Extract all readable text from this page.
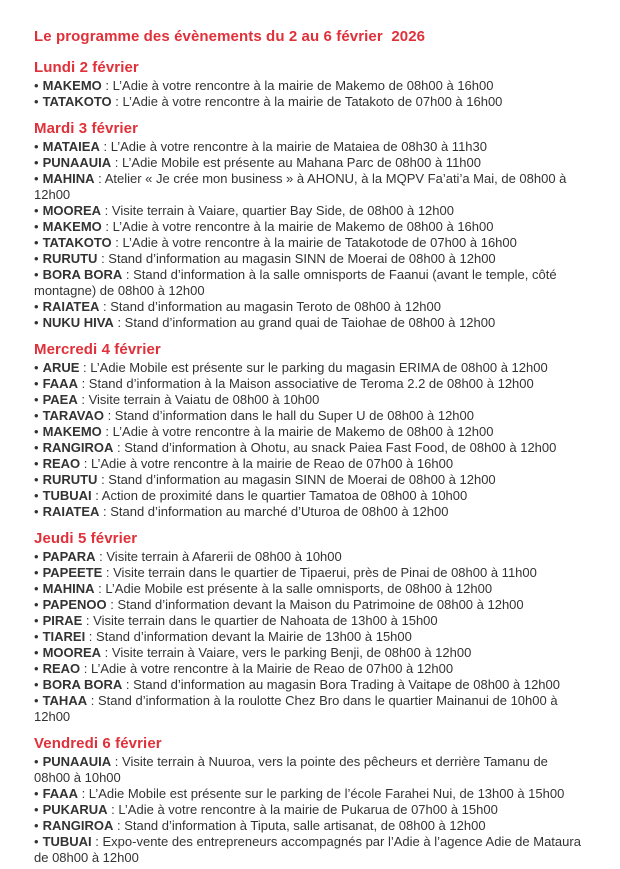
Le programme des évènements du 2 au 6 février  2026
Lundi 2 février

• MAKEMO : L’Adie à votre rencontre à la mairie de Makemo de 08h00 à 16h00

• TATAKOTO : L’Adie à votre rencontre à la mairie de Tatakoto de 07h00 à 16h00

Mardi 3 février

• MATAIEA : L’Adie à votre rencontre à la mairie de Mataiea de 08h30 à 11h30

• PUNAAUIA : L’Adie Mobile est présente au Mahana Parc de 08h00 à 11h00

• MAHINA : Atelier « Je crée mon business » à AHONU, à la MQPV Fa’ati’a Mai, de 08h00 à 12h00

• MOOREA : Visite terrain à Vaiare, quartier Bay Side, de 08h00 à 12h00

• MAKEMO : L’Adie à votre rencontre à la mairie de Makemo de 08h00 à 16h00

• TATAKOTO : L’Adie à votre rencontre à la mairie de Tatakotode de 07h00 à 16h00

• RURUTU : Stand d’information au magasin SINN de Moerai de 08h00 à 12h00

• BORA BORA : Stand d’information à la salle omnisports de Faanui (avant le temple, côté montagne) de 08h00 à 12h00

• RAIATEA : Stand d’information au magasin Teroto de 08h00 à 12h00

• NUKU HIVA : Stand d’information au grand quai de Taiohae de 08h00 à 12h00

Mercredi 4 février

• ARUE : L’Adie Mobile est présente sur le parking du magasin ERIMA de 08h00 à 12h00

• FAAA : Stand d’information à la Maison associative de Teroma 2.2 de 08h00 à 12h00

• PAEA : Visite terrain à Vaiatu de 08h00 à 10h00

• TARAVAO : Stand d’information dans le hall du Super U de 08h00 à 12h00

• MAKEMO : L’Adie à votre rencontre à la mairie de Makemo de 08h00 à 12h00

• RANGIROA : Stand d’information à Ohotu, au snack Paiea Fast Food, de 08h00 à 12h00

• REAO : L’Adie à votre rencontre à la mairie de Reao de 07h00 à 16h00

• RURUTU : Stand d’information au magasin SINN de Moerai de 08h00 à 12h00

• TUBUAI : Action de proximité dans le quartier Tamatoa de 08h00 à 10h00

• RAIATEA : Stand d’information au marché d’Uturoa de 08h00 à 12h00

Jeudi 5 février

• PAPARA : Visite terrain à Afarerii de 08h00 à 10h00

• PAPEETE : Visite terrain dans le quartier de Tipaerui, près de Pinai de 08h00 à 11h00

• MAHINA : L’Adie Mobile est présente à la salle omnisports, de 08h00 à 12h00

• PAPENOO : Stand d’information devant la Maison du Patrimoine de 08h00 à 12h00

• PIRAE : Visite terrain dans le quartier de Nahoata de 13h00 à 15h00

• TIAREI : Stand d’information devant la Mairie de 13h00 à 15h00

• MOOREA : Visite terrain à Vaiare, vers le parking Benji, de 08h00 à 12h00

• REAO : L’Adie à votre rencontre à la Mairie de Reao de 07h00 à 12h00

• BORA BORA : Stand d’information au magasin Bora Trading à Vaitape de 08h00 à 12h00

• TAHAA : Stand d’information à la roulotte Chez Bro dans le quartier Mainanui de 10h00 à 12h00

Vendredi 6 février

• PUNAAUIA : Visite terrain à Nuuroa, vers la pointe des pêcheurs et derrière Tamanu de 08h00 à 10h00

• FAAA : L’Adie Mobile est présente sur le parking de l’école Farahei Nui, de 13h00 à 15h00

• PUKARUA : L’Adie à votre rencontre à la mairie de Pukarua de 07h00 à 15h00

• RANGIROA : Stand d’information à Tiputa, salle artisanat, de 08h00 à 12h00

• TUBUAI : Expo-vente des entrepreneurs accompagnés par l’Adie à l’agence Adie de Mataura de 08h00 à 12h00
